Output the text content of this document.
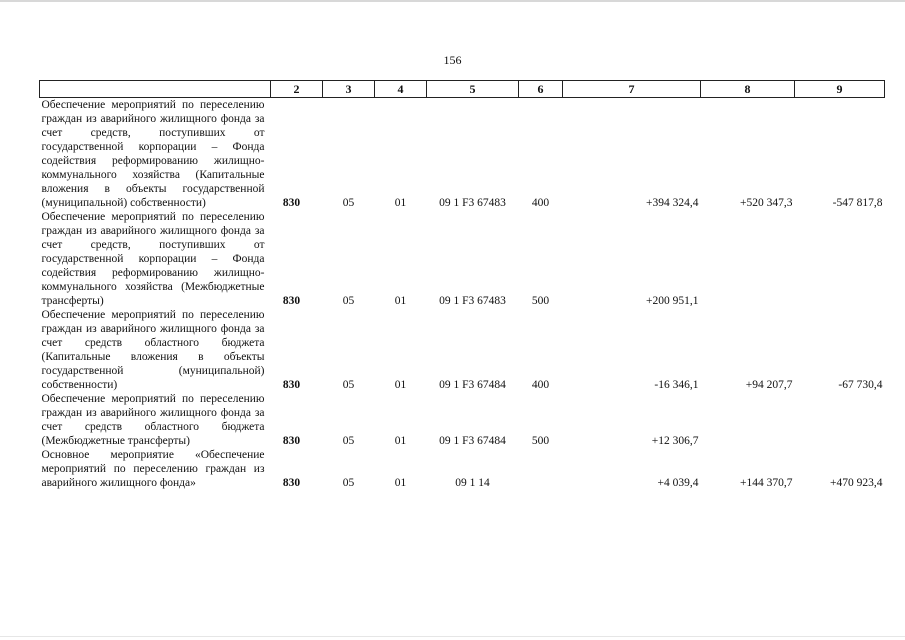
156
	2	3	4	5	6	7	8	9
Обеспечение мероприятий по переселению граждан из аварийного жилищного фонда за счет средств, поступивших от государственной корпорации – Фонда содействия реформированию жилищно-коммунального хозяйства (Капитальные вложения в объекты государственной (муниципальной) собственности)	830	05	01	09 1 F3 67483	400	+394 324,4	+520 347,3	-547 817,8
Обеспечение мероприятий по переселению граждан из аварийного жилищного фонда за счет средств, поступивших от государственной корпорации – Фонда содействия реформированию жилищно-коммунального хозяйства (Межбюджетные трансферты)	830	05	01	09 1 F3 67483	500	+200 951,1		
Обеспечение мероприятий по переселению граждан из аварийного жилищного фонда за счет средств областного бюджета (Капитальные вложения в объекты государственной (муниципальной) собственности)	830	05	01	09 1 F3 67484	400	-16 346,1	+94 207,7	-67 730,4
Обеспечение мероприятий по переселению граждан из аварийного жилищного фонда за счет средств областного бюджета (Межбюджетные трансферты)	830	05	01	09 1 F3 67484	500	+12 306,7		
Основное мероприятие «Обеспечение мероприятий по переселению граждан из аварийного жилищного фонда»	830	05	01	09 1 14		+4 039,4	+144 370,7	+470 923,4
